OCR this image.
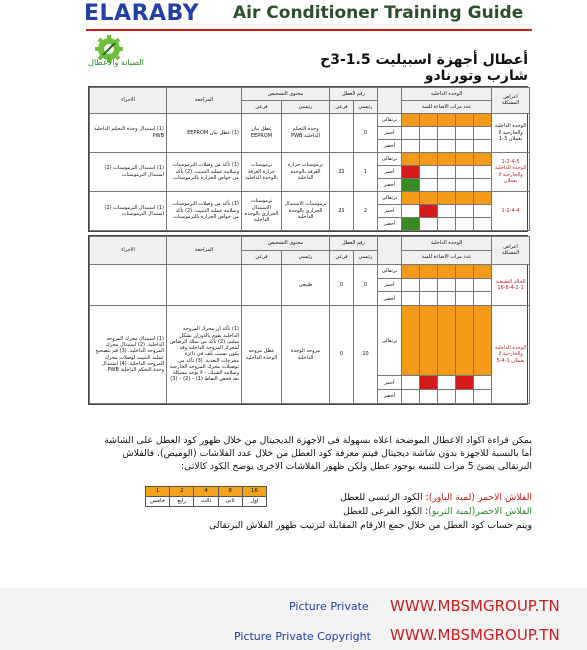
ELARABY Air Conditioner Training Guide
الصيانة والأعطال	أعطال أجهزة اسبيليت 1.5-3ح شارب وتورنادو
اعراض المشكلة	الوحدة الداخلية						رقم العطل		محتوى التشخيص		المراجعة	الاجراء
	عدد مرات الاضاءة للمبة						رئيسي	فرعي	رئيسي	فرعي		
الوحدة الداخلية والخارجية لا يعملان 3-1						برتقالى	0		وحدة التحكم الداخلية PWB	عطل بيان EEPROM	(1) عطل بيان EEPROM	(1) استبدال وحدة التحكم الداخلية PWB
						أحمر						
						أخضر						
1-2-4-5 الوحدة الداخلية والخارجية لا يعملان						برتقالى	1	21	ترموستات حرارة الغرفة بالوحدة الداخلية	ترموستات حرارة الغرفة بالوحدة الداخلية	(1) تأكد من وصلات الترموستات وسلامة عملية التثبيت. (2) تأكد من خواص الحرارة بالترموستات.	(1) استبدال الترموستات (2) استبدال الترموستات
						أحمر						
						أخضر						
1-2-4-4						برتقالى	2	21	ترموستات الاستبدال الحراري بالوحدة الداخلية	ترموستات الاستبدال الحراري بالوحدة الداخلية	(1) تأكد من وصلات الترموستات وسلامة عملية التثبيت. (2) تأكد من خواص الحرارة بالترموستات.	(1) استبدال الترموستات (2) استبدال الترموستات
						أحمر						
						أخضر						
اعراض المشكلة	الوحدة الداخلية						رقم العطل		محتوى التشخيص		المراجعة	الاجراء
	عدد مرات الاضاءة للمبة						رئيسي	فرعي	رئيسي	فرعي		
الحالة الطبيعية 1-2-4-8-16						برتقالى	0	0	طبيعى			
						أحمر						
						أخضر						
الوحدة الداخلية والخارجية لا يعملان 1-4-5						برتقالى	10	0	مروحة الوحدة الداخلية	عطل مروحة الوحدة الداخلية	(1) تأكد أن محرك المروحة الداخلية يقوم بالدوران بشكل سليم. (2) تأكد من سلك الرصاص لمحرك المروحة الداخلية وقد يكون بسبب تلف في دائرة مخرجات التغذية. (3) تأكد من توصيلات محرك المروحة الخارجية وسلامة الشبك. - لا يوجد مشكلة بعد فحص النقاط (1) – (2) – (3)	(1) استبدال محرك المروحة الداخلية. (2) استبدال محرك المروحة الداخلية. (3) قم بتصحيح عملية التثبيت لوصلات محرك المروحة الداخلية. (4) استبدال وحدة التحكم الداخلية PWB.
						أحمر						
						أخضر						
يمكن قراءة اكواد الاعطال الموضحة اعلاه بسهولة فى الاجهزة الديجيتال من خلال ظهور كود العطل على الشاشة أما بالنسبة للاجهزة بدون شاشة ديجيتال فيتم معرفة كود العطل من خلال عدد الفلاشات (الوميض). فالفلاش البرتقالى يضئ 5 مرات للتنبيه بوجود عطل ولكن ظهور الفلاشات الاخرى يوضح الكود كالاتى:
1	2	4	8	16
خامس	رابع	ثالث	ثانى	اول	الفلاش الاحمر (لمبة الباور): الكود الرئيسى للعطل
الفلاش الاخضر(لمبة التربو): الكود الفرعى للعطل
ويتم حساب كود العطل من خلال جمع الارقام المقابلة لترتيب ظهور الفلاش البرتقالى
Picture Private WWW.MBSMGROUP.TN
Picture Private Copyright WWW.MBSMGROUP.TN
